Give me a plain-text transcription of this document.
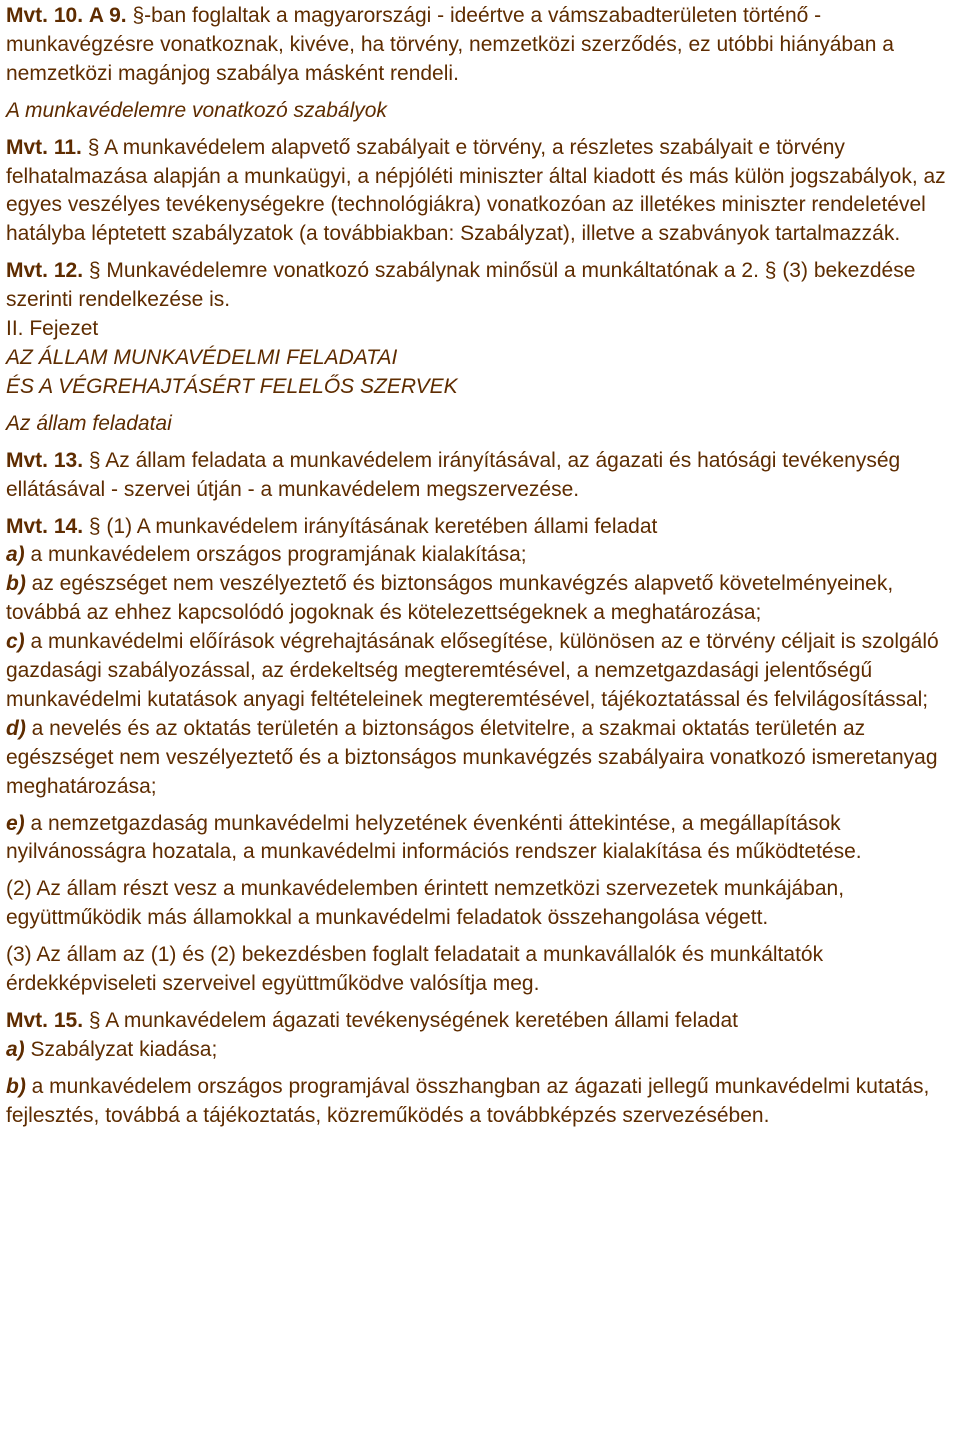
Mvt. 10. A 9. §-ban foglaltak a magyarországi - ideértve a vámszabadterületen történő - munkavégzésre vonatkoznak, kivéve, ha törvény, nemzetközi szerződés, ez utóbbi hiányában a nemzetközi magánjog szabálya másként rendeli.

A munkavédelemre vonatkozó szabályok

Mvt. 11. § A munkavédelem alapvető szabályait e törvény, a részletes szabályait e törvény felhatalmazása alapján a munkaügyi, a népjóléti miniszter által kiadott és más külön jogszabályok, az egyes veszélyes tevékenységekre (technológiákra) vonatkozóan az illetékes miniszter rendeletével hatályba léptetett szabályzatok (a továbbiakban: Szabályzat), illetve a szabványok tartalmazzák.

Mvt. 12. § Munkavédelemre vonatkozó szabálynak minősül a munkáltatónak a 2. § (3) bekezdése szerinti rendelkezése is.

II. Fejezet

AZ ÁLLAM MUNKAVÉDELMI FELADATAI

ÉS A VÉGREHAJTÁSÉRT FELELŐS SZERVEK

Az állam feladatai

Mvt. 13. § Az állam feladata a munkavédelem irányításával, az ágazati és hatósági tevékenység ellátásával - szervei útján - a munkavédelem megszervezése.

Mvt. 14. § (1) A munkavédelem irányításának keretében állami feladat

a) a munkavédelem országos programjának kialakítása;

b) az egészséget nem veszélyeztető és biztonságos munkavégzés alapvető követelményeinek, továbbá az ehhez kapcsolódó jogoknak és kötelezettségeknek a meghatározása;

c) a munkavédelmi előírások végrehajtásának elősegítése, különösen az e törvény céljait is szolgáló gazdasági szabályozással, az érdekeltség megteremtésével, a nemzetgazdasági jelentőségű munkavédelmi kutatások anyagi feltételeinek megteremtésével, tájékoztatással és felvilágosítással;

d) a nevelés és az oktatás területén a biztonságos életvitelre, a szakmai oktatás területén az egészséget nem veszélyeztető és a biztonságos munkavégzés szabályaira vonatkozó ismeretanyag meghatározása;

e) a nemzetgazdaság munkavédelmi helyzetének évenkénti áttekintése, a megállapítások nyilvánosságra hozatala, a munkavédelmi információs rendszer kialakítása és működtetése.

(2) Az állam részt vesz a munkavédelemben érintett nemzetközi szervezetek munkájában, együttműködik más államokkal a munkavédelmi feladatok összehangolása végett.

(3) Az állam az (1) és (2) bekezdésben foglalt feladatait a munkavállalók és munkáltatók érdekképviseleti szerveivel együttműködve valósítja meg.

Mvt. 15. § A munkavédelem ágazati tevékenységének keretében állami feladat

a) Szabályzat kiadása;

b) a munkavédelem országos programjával összhangban az ágazati jellegű munkavédelmi kutatás, fejlesztés, továbbá a tájékoztatás, közreműködés a továbbképzés szervezésében.
